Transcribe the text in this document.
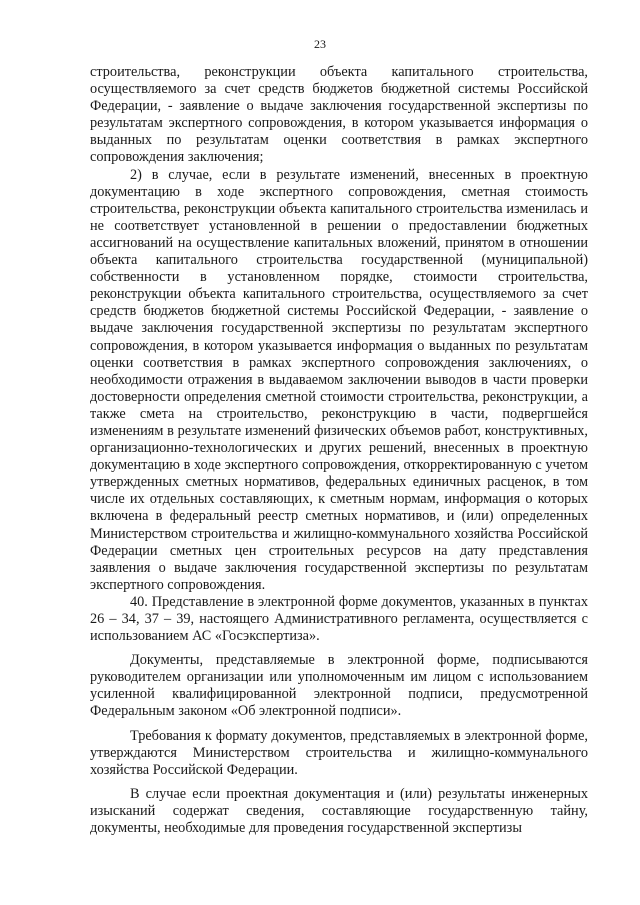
23

строительства, реконструкции объекта капитального строительства, осуществляемого за счет средств бюджетов бюджетной системы Российской Федерации, - заявление о выдаче заключения государственной экспертизы по результатам экспертного сопровождения, в котором указывается информация о выданных по результатам оценки соответствия в рамках экспертного сопровождения заключения;

2) в случае, если в результате изменений, внесенных в проектную документацию в ходе экспертного сопровождения, сметная стоимость строительства, реконструкции объекта капитального строительства изменилась и не соответствует установленной в решении о предоставлении бюджетных ассигнований на осуществление капитальных вложений, принятом в отношении объекта капитального строительства государственной (муниципальной) собственности в установленном порядке, стоимости строительства, реконструкции объекта капитального строительства, осуществляемого за счет средств бюджетов бюджетной системы Российской Федерации, - заявление о выдаче заключения государственной экспертизы по результатам экспертного сопровождения, в котором указывается информация о выданных по результатам оценки соответствия в рамках экспертного сопровождения заключениях, о необходимости отражения в выдаваемом заключении выводов в части проверки достоверности определения сметной стоимости строительства, реконструкции, а также смета на строительство, реконструкцию в части, подвергшейся изменениям в результате изменений физических объемов работ, конструктивных, организационно-технологических и других решений, внесенных в проектную документацию в ходе экспертного сопровождения, откорректированную с учетом утвержденных сметных нормативов, федеральных единичных расценок, в том числе их отдельных составляющих, к сметным нормам, информация о которых включена в федеральный реестр сметных нормативов, и (или) определенных Министерством строительства и жилищно-коммунального хозяйства Российской Федерации сметных цен строительных ресурсов на дату представления заявления о выдаче заключения государственной экспертизы по результатам экспертного сопровождения.

40. Представление в электронной форме документов, указанных в пунктах 26 – 34, 37 – 39, настоящего Административного регламента, осуществляется с использованием АС «Госэкспертиза».

Документы, представляемые в электронной форме, подписываются руководителем организации или уполномоченным им лицом с использованием усиленной квалифицированной электронной подписи, предусмотренной Федеральным законом «Об электронной подписи».

Требования к формату документов, представляемых в электронной форме, утверждаются Министерством строительства и жилищно-коммунального хозяйства Российской Федерации.

В случае если проектная документация и (или) результаты инженерных изысканий содержат сведения, составляющие государственную тайну, документы, необходимые для проведения государственной экспертизы
